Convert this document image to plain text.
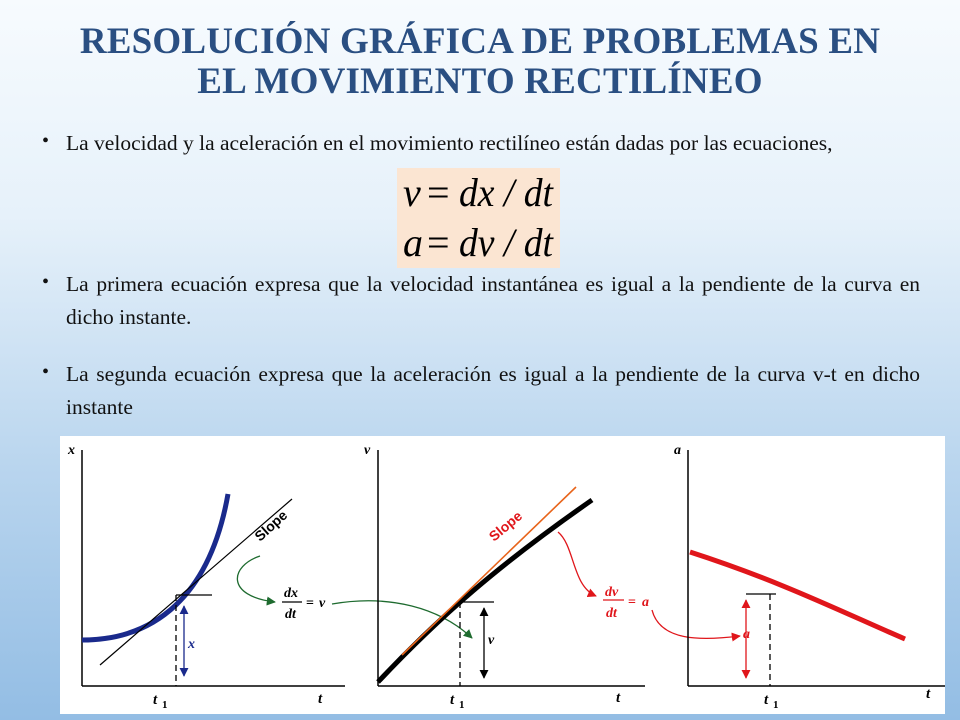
RESOLUCIÓN GRÁFICA DE PROBLEMAS EN
EL MOVIMIENTO RECTILÍNEO
• La velocidad y la aceleración en el movimiento rectilíneo están dadas por las ecuaciones,
v = dx / dt
a = dv / dt
• La primera ecuación expresa que la velocidad instantánea es igual a la pendiente de la curva en dicho instante.
• La segunda ecuación expresa que la aceleración es igual a la pendiente de la curva v-t en dicho instante
x
t
Slope
x
t 1
dx
dt
= v
v
t
Slope
v
t 1
dv
dt
= a
a
t
a
t 1
